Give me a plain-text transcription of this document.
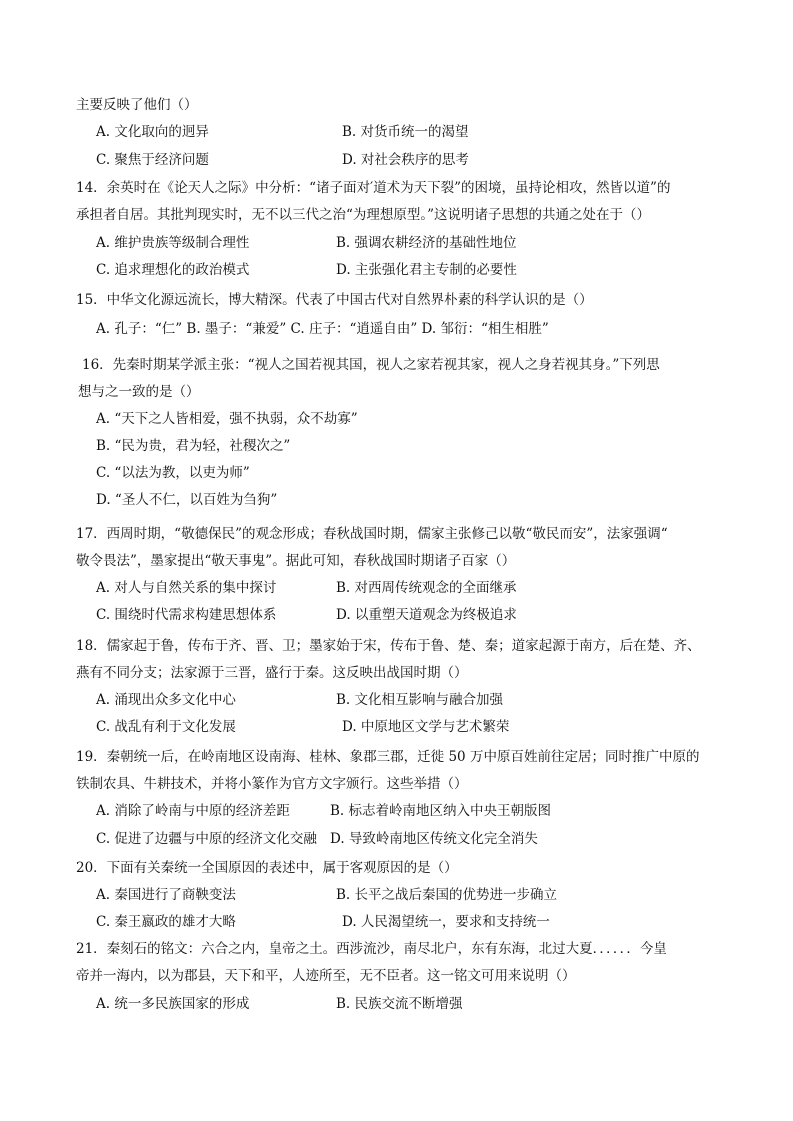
主要反映了他们（）
A. 文化取向的迥异	B. 对货币统一的渴望
C. 聚焦于经济问题	D. 对社会秩序的思考
14．余英时在《论天人之际》中分析：“诸子面对′道术为天下裂”的困境，虽持论相攻，然皆以道”的
承担者自居。其批判现实时，无不以三代之治“为理想原型。”这说明诸子思想的共通之处在于（）
A. 维护贵族等级制合理性	B. 强调农耕经济的基础性地位
C. 追求理想化的政治模式	D. 主张强化君主专制的必要性
15．中华文化源远流长，博大精深。代表了中国古代对自然界朴素的科学认识的是（）
A. 孔子：“仁” B. 墨子：“兼爱” C. 庄子：“逍遥自由” D. 邹衍：“相生相胜”
16．先秦时期某学派主张：“视人之国若视其国，视人之家若视其家，视人之身若视其身。”下列思
想与之一致的是（）
A. “天下之人皆相爱，强不执弱，众不劫寡”
B. “民为贵，君为轻，社稷次之”
C. “以法为教，以吏为师”
D. “圣人不仁，以百姓为刍狗”
17．西周时期，“敬德保民”的观念形成；春秋战国时期，儒家主张修己以敬“敬民而安”，法家强调“
敬令畏法”，墨家提出“敬天事鬼”。据此可知，春秋战国时期诸子百家（）
A. 对人与自然关系的集中探讨	B. 对西周传统观念的全面继承
C. 围绕时代需求构建思想体系	D. 以重塑天道观念为终极追求
18．儒家起于鲁，传布于齐、晋、卫；墨家始于宋，传布于鲁、楚、秦；道家起源于南方，后在楚、齐、
燕有不同分支；法家源于三晋，盛行于秦。这反映出战国时期（）
A. 涌现出众多文化中心	B. 文化相互影响与融合加强
C. 战乱有利于文化发展	D. 中原地区文学与艺术繁荣
19．秦朝统一后，在岭南地区设南海、桂林、象郡三郡，迁徙 50 万中原百姓前往定居；同时推广中原的
铁制农具、牛耕技术，并将小篆作为官方文字颁行。这些举措（）
A. 消除了岭南与中原的经济差距	B. 标志着岭南地区纳入中央王朝版图
C. 促进了边疆与中原的经济文化交融 D. 导致岭南地区传统文化完全消失
20．下面有关秦统一全国原因的表述中，属于客观原因的是（）
A. 秦国进行了商鞅变法	B. 长平之战后秦国的优势进一步确立
C. 秦王嬴政的雄才大略	D. 人民渴望统一，要求和支持统一
21．秦刻石的铭文：六合之内，皇帝之土。西涉流沙，南尽北户，东有东海，北过大夏．．．．．．今皇
帝并一海内，以为郡县，天下和平，人迹所至，无不臣者。这一铭文可用来说明（）
A. 统一多民族国家的形成	B. 民族交流不断增强
